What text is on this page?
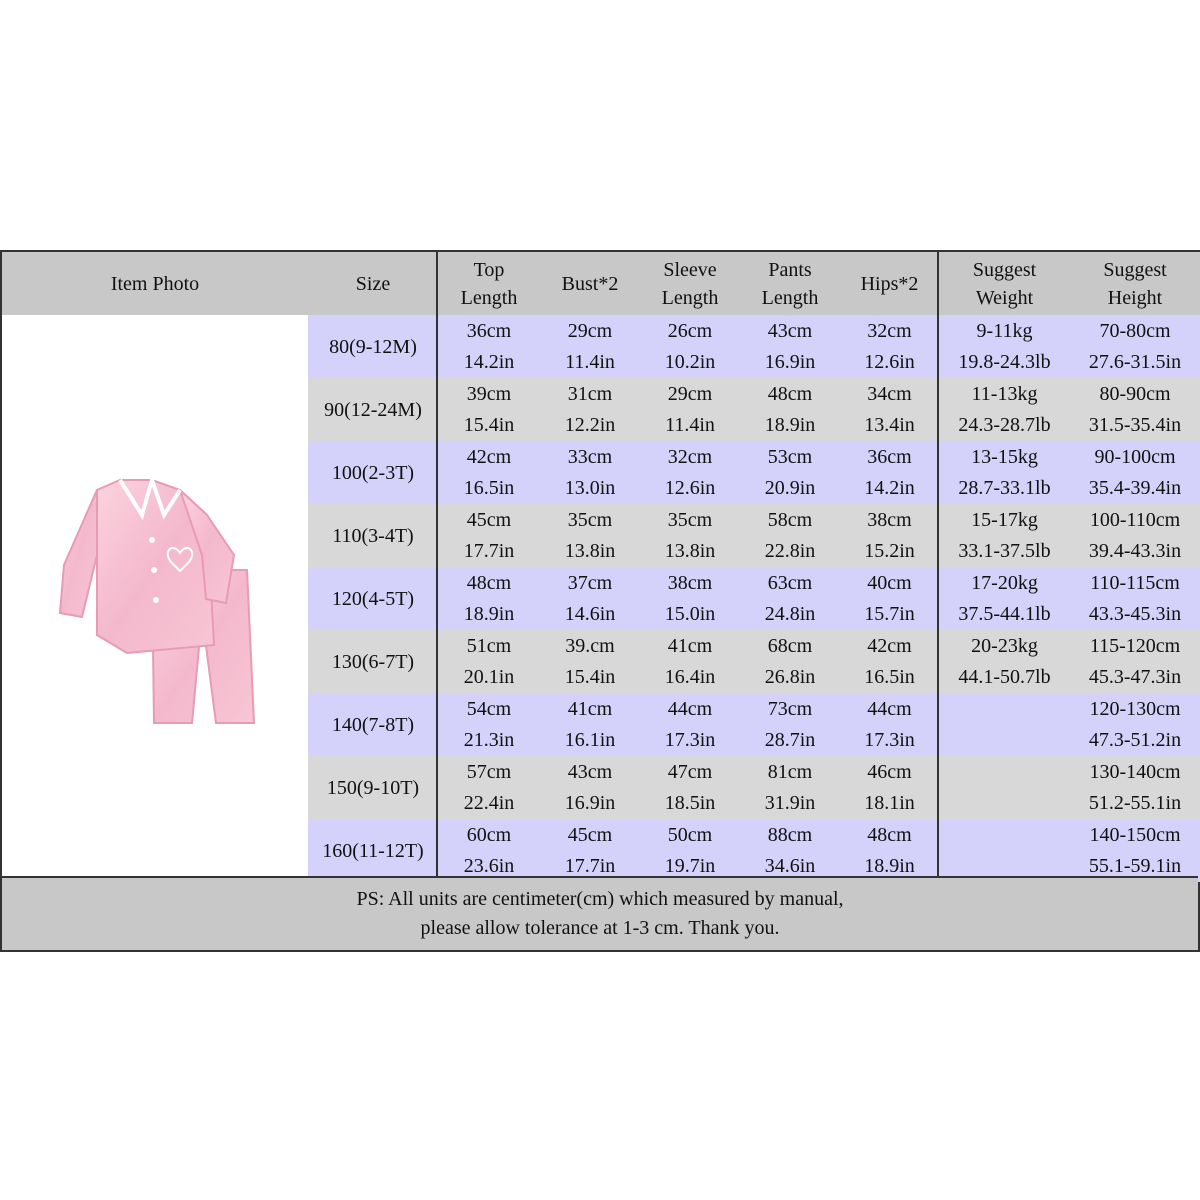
Item Photo	Size
Top
Length
Bust*2
Sleeve
Length
Pants
Length
Hips*2
Suggest
Weight
Suggest
Height
80(9-12M)
36cm
14.2in
29cm
11.4in
26cm
10.2in
43cm
16.9in
32cm
12.6in
9-11kg
19.8-24.3lb
70-80cm
27.6-31.5in
90(12-24M)
39cm
15.4in
31cm
12.2in
29cm
11.4in
48cm
18.9in
34cm
13.4in
11-13kg
24.3-28.7lb
80-90cm
31.5-35.4in
100(2-3T)
42cm
16.5in
33cm
13.0in
32cm
12.6in
53cm
20.9in
36cm
14.2in
13-15kg
28.7-33.1lb
90-100cm
35.4-39.4in
110(3-4T)
45cm
17.7in
35cm
13.8in
35cm
13.8in
58cm
22.8in
38cm
15.2in
15-17kg
33.1-37.5lb
100-110cm
39.4-43.3in
120(4-5T)
48cm
18.9in
37cm
14.6in
38cm
15.0in
63cm
24.8in
40cm
15.7in
17-20kg
37.5-44.1lb
110-115cm
43.3-45.3in
130(6-7T)
51cm
20.1in
39.cm
15.4in
41cm
16.4in
68cm
26.8in
42cm
16.5in
20-23kg
44.1-50.7lb
115-120cm
45.3-47.3in
140(7-8T)
54cm
21.3in
41cm
16.1in
44cm
17.3in
73cm
28.7in
44cm
17.3in
120-130cm
47.3-51.2in
150(9-10T)
57cm
22.4in
43cm
16.9in
47cm
18.5in
81cm
31.9in
46cm
18.1in
130-140cm
51.2-55.1in
160(11-12T)
60cm
23.6in
45cm
17.7in
50cm
19.7in
88cm
34.6in
48cm
18.9in
140-150cm
55.1-59.1in
PS: All units are centimeter(cm) which measured by manual,
please allow tolerance at 1-3 cm. Thank you.
